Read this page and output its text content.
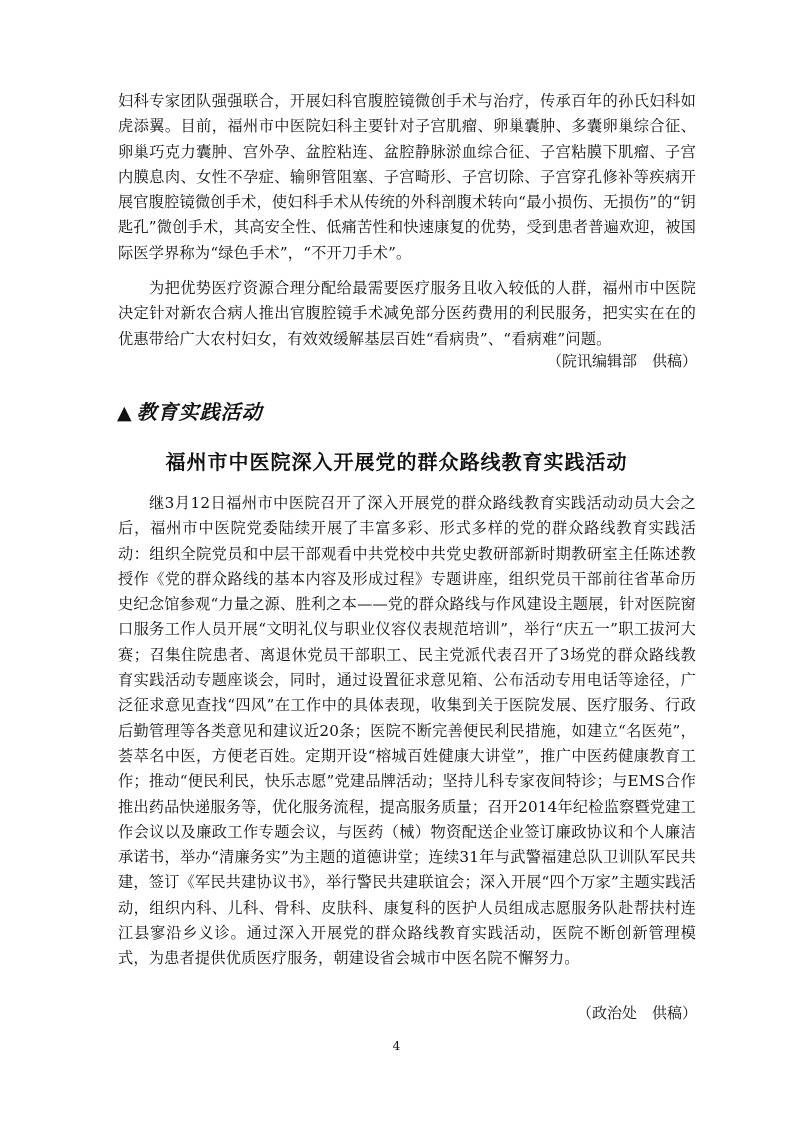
妇科专家团队强强联合，开展妇科官腹腔镜微创手术与治疗，传承百年的孙氏妇科如虎添翼。目前，福州市中医院妇科主要针对子宫肌瘤、卵巢囊肿、多囊卵巢综合征、卵巢巧克力囊肿、宫外孕、盆腔粘连、盆腔静脉淤血综合征、子宫粘膜下肌瘤、子宫内膜息肉、女性不孕症、输卵管阻塞、子宫畸形、子宫切除、子宫穿孔修补等疾病开展官腹腔镜微创手术，使妇科手术从传统的外科剖腹术转向“最小损伤、无损伤”的“钥匙孔”微创手术，其高安全性、低痛苦性和快速康复的优势，受到患者普遍欢迎，被国际医学界称为“绿色手术”，“不开刀手术”。

为把优势医疗资源合理分配给最需要医疗服务且收入较低的人群，福州市中医院决定针对新农合病人推出官腹腔镜手术减免部分医药费用的利民服务，把实实在在的优惠带给广大农村妇女，有效效缓解基层百姓“看病贵”、“看病难”问题。

（院讯编辑部　供稿）

▲ 教育实践活动
福州市中医院深入开展党的群众路线教育实践活动

继3月12日福州市中医院召开了深入开展党的群众路线教育实践活动动员大会之后，福州市中医院党委陆续开展了丰富多彩、形式多样的党的群众路线教育实践活动：组织全院党员和中层干部观看中共党校中共党史教研部新时期教研室主任陈述教授作《党的群众路线的基本内容及形成过程》专题讲座，组织党员干部前往省革命历史纪念馆参观“力量之源、胜利之本——党的群众路线与作风建设主题展，针对医院窗口服务工作人员开展“文明礼仪与职业仪容仪表规范培训”，举行“庆五一”职工拔河大赛；召集住院患者、离退休党员干部职工、民主党派代表召开了3场党的群众路线教育实践活动专题座谈会，同时，通过设置征求意见箱、公布活动专用电话等途径，广泛征求意见查找“四风”在工作中的具体表现，收集到关于医院发展、医疗服务、行政后勤管理等各类意见和建议近20条；医院不断完善便民利民措施，如建立“名医苑”，荟萃名中医，方便老百姓。定期开设“榕城百姓健康大讲堂”，推广中医药健康教育工作；推动“便民利民，快乐志愿”党建品牌活动；坚持儿科专家夜间特诊；与EMS合作推出药品快递服务等，优化服务流程，提高服务质量；召开2014年纪检监察暨党建工作会议以及廉政工作专题会议，与医药（械）物资配送企业签订廉政协议和个人廉洁承诺书，举办“清廉务实”为主题的道德讲堂；连续31年与武警福建总队卫训队军民共建，签订《军民共建协议书》，举行警民共建联谊会；深入开展“四个万家”主题实践活动，组织内科、儿科、骨科、皮肤科、康复科的医护人员组成志愿服务队赴帮扶村连江县寥沿乡义诊。通过深入开展党的群众路线教育实践活动，医院不断创新管理模式，为患者提供优质医疗服务，朝建设省会城市中医名院不懈努力。

（政治处　供稿）

4
